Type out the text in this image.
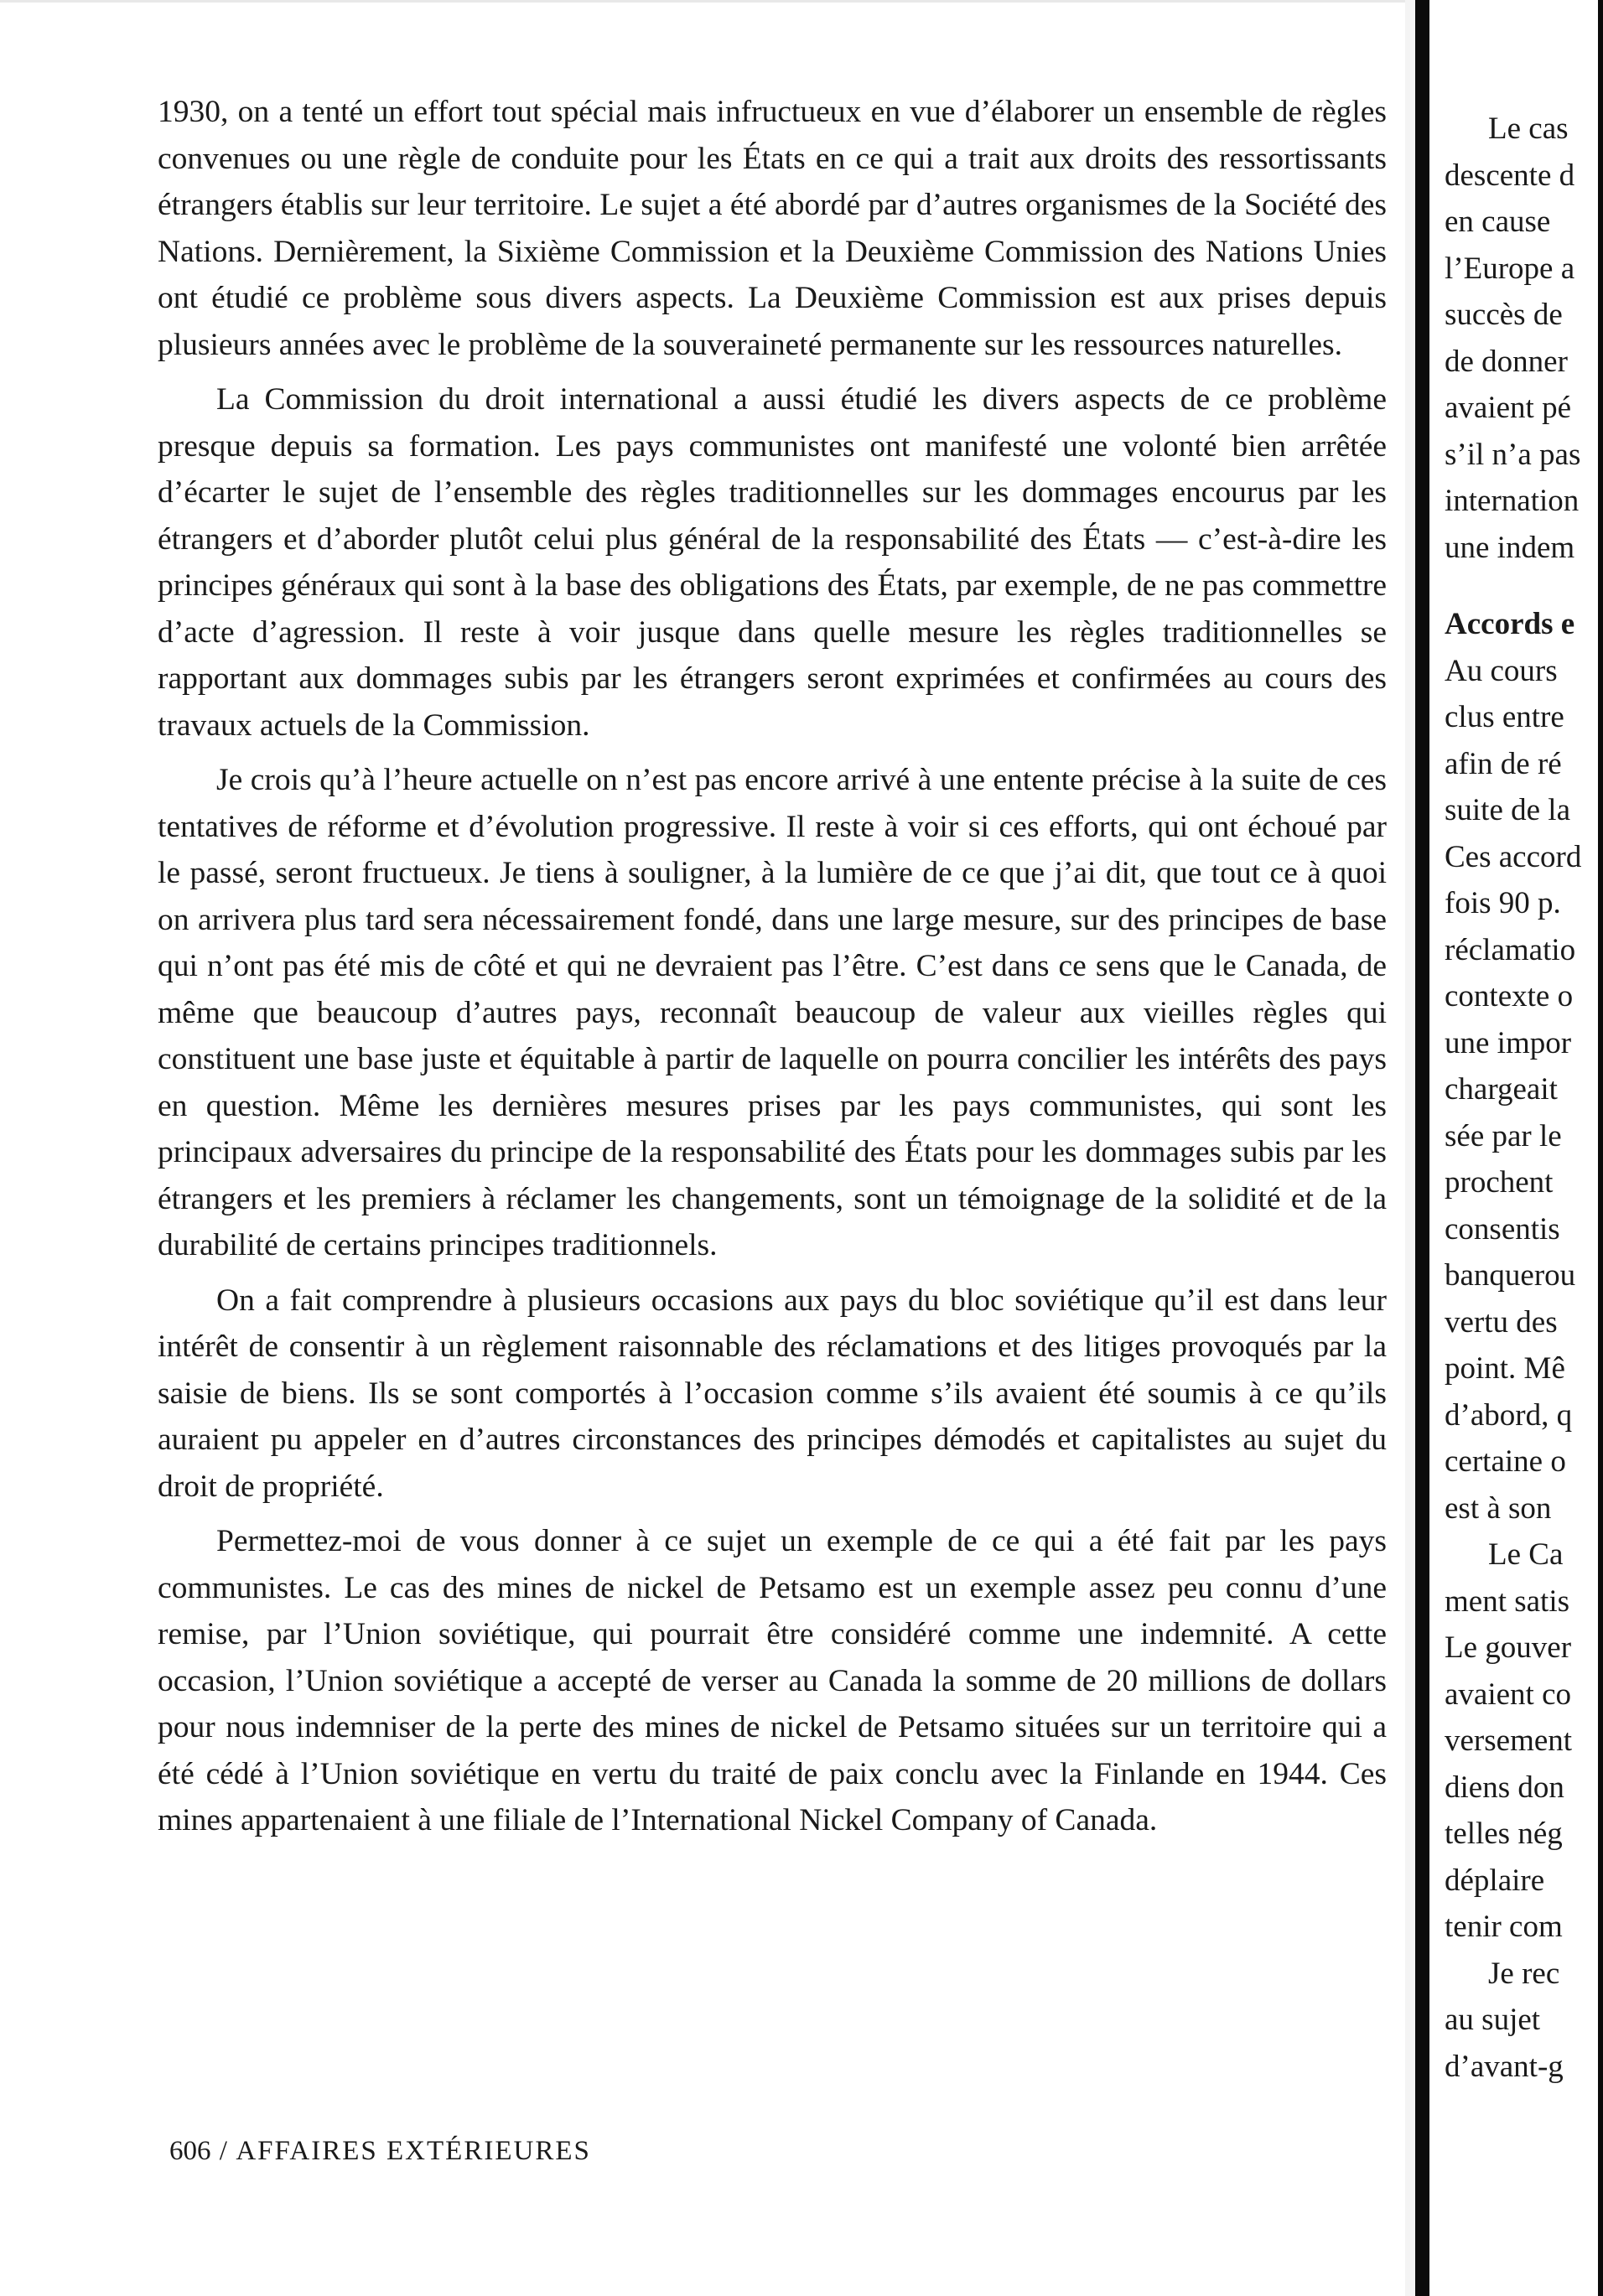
1930, on a tenté un effort tout spécial mais infructueux en vue d’élaborer un ensemble de règles convenues ou une règle de conduite pour les États en ce qui a trait aux droits des ressortissants étrangers établis sur leur territoire. Le sujet a été abordé par d’autres organismes de la Société des Nations. Dernièrement, la Sixième Commission et la Deuxième Commission des Nations Unies ont étudié ce problème sous divers aspects. La Deuxième Commission est aux prises depuis plusieurs années avec le problème de la souveraineté permanente sur les ressources naturelles.

La Commission du droit international a aussi étudié les divers aspects de ce problème presque depuis sa formation. Les pays communistes ont manifesté une volonté bien arrêtée d’écarter le sujet de l’ensemble des règles traditionnelles sur les dommages encourus par les étrangers et d’aborder plutôt celui plus général de la responsabilité des États — c’est-à-dire les principes généraux qui sont à la base des obligations des États, par exemple, de ne pas commettre d’acte d’agression. Il reste à voir jusque dans quelle mesure les règles traditionnelles se rapportant aux dommages subis par les étrangers seront exprimées et confirmées au cours des travaux actuels de la Commission.

Je crois qu’à l’heure actuelle on n’est pas encore arrivé à une entente précise à la suite de ces tentatives de réforme et d’évolution progressive. Il reste à voir si ces efforts, qui ont échoué par le passé, seront fructueux. Je tiens à souligner, à la lumière de ce que j’ai dit, que tout ce à quoi on arrivera plus tard sera nécessairement fondé, dans une large mesure, sur des principes de base qui n’ont pas été mis de côté et qui ne devraient pas l’être. C’est dans ce sens que le Canada, de même que beaucoup d’autres pays, reconnaît beaucoup de valeur aux vieilles règles qui constituent une base juste et équitable à partir de laquelle on pourra concilier les intérêts des pays en question. Même les dernières mesures prises par les pays communistes, qui sont les principaux adversaires du principe de la responsabilité des États pour les dommages subis par les étrangers et les premiers à réclamer les changements, sont un témoignage de la solidité et de la durabilité de certains principes traditionnels.

On a fait comprendre à plusieurs occasions aux pays du bloc soviétique qu’il est dans leur intérêt de consentir à un règlement raisonnable des réclamations et des litiges provoqués par la saisie de biens. Ils se sont comportés à l’occasion comme s’ils avaient été soumis à ce qu’ils auraient pu appeler en d’autres circonstances des principes démodés et capitalistes au sujet du droit de propriété.

Permettez-moi de vous donner à ce sujet un exemple de ce qui a été fait par les pays communistes. Le cas des mines de nickel de Petsamo est un exemple assez peu connu d’une remise, par l’Union soviétique, qui pourrait être considéré comme une indemnité. A cette occasion, l’Union soviétique a accepté de verser au Canada la somme de 20 millions de dollars pour nous indemniser de la perte des mines de nickel de Petsamo situées sur un territoire qui a été cédé à l’Union soviétique en vertu du traité de paix conclu avec la Finlande en 1944. Ces mines appartenaient à une filiale de l’International Nickel Company of Canada.

606 / AFFAIRES EXTÉRIEURES
Le cas
descente d
en cause
l’Europe a
succès de
de donner
avaient pé
s’il n’a pas
internation
une indem
Accords e
Au cours
clus entre
afin de ré
suite de la
Ces accord
fois 90 p.
réclamatio
contexte o
une impor
chargeait
sée par le
prochent
consentis
banquerou
vertu des
point. Mê
d’abord, q
certaine o
est à son
Le Ca
ment satis
Le gouver
avaient co
versement
diens don
telles nég
déplaire
tenir com
Je rec
au sujet
d’avant-g
